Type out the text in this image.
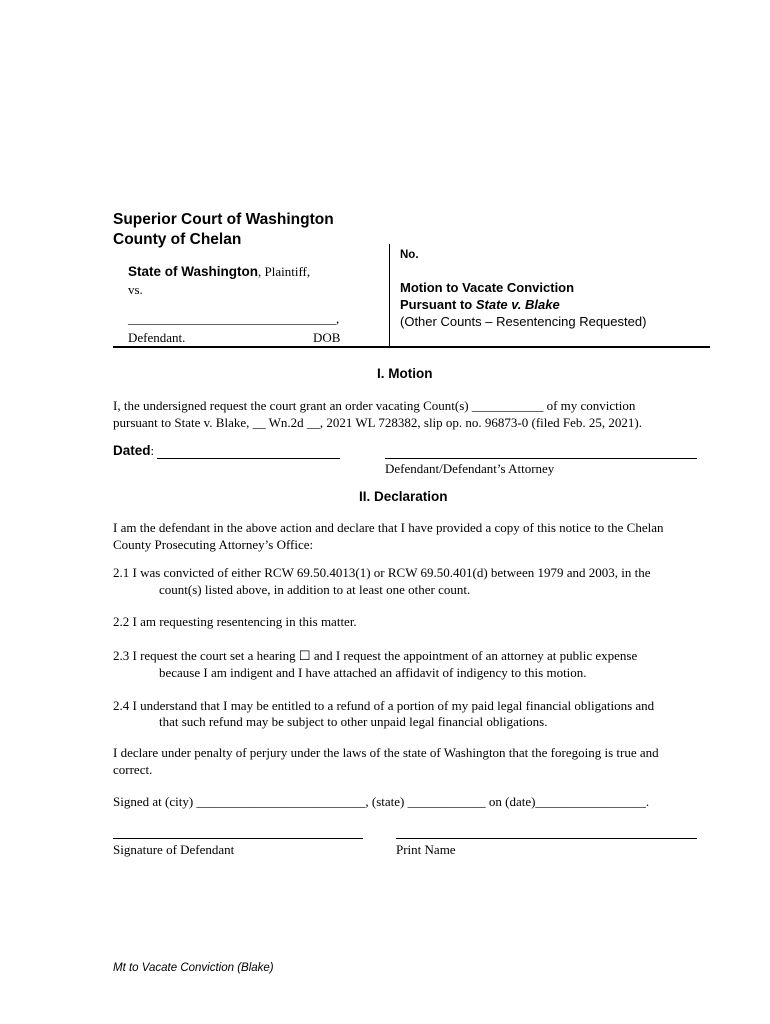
Superior Court of Washington
County of Chelan
State of Washington, Plaintiff,
vs.
________________________________,
Defendant.	DOB
No.
Motion to Vacate Conviction
Pursuant to State v. Blake
(Other Counts – Resentencing Requested)
I. Motion
I, the undersigned request the court grant an order vacating Count(s) ___________ of my conviction
pursuant to State v. Blake, __ Wn.2d __, 2021 WL 728382, slip op. no. 96873-0 (filed Feb. 25, 2021).
Dated:
Defendant/Defendant’s Attorney
II. Declaration
I am the defendant in the above action and declare that I have provided a copy of this notice to the Chelan
County Prosecuting Attorney’s Office:
2.1 I was convicted of either RCW 69.50.4013(1) or RCW 69.50.401(d) between 1979 and 2003, in the
count(s) listed above, in addition to at least one other count.
2.2 I am requesting resentencing in this matter.
2.3 I request the court set a hearing ☐ and I request the appointment of an attorney at public expense
because I am indigent and I have attached an affidavit of indigency to this motion.
2.4 I understand that I may be entitled to a refund of a portion of my paid legal financial obligations and
that such refund may be subject to other unpaid legal financial obligations.
I declare under penalty of perjury under the laws of the state of Washington that the foregoing is true and
correct.
Signed at (city) __________________________, (state) ____________ on (date)_________________.
Signature of Defendant	Print Name
Mt to Vacate Conviction (Blake)
